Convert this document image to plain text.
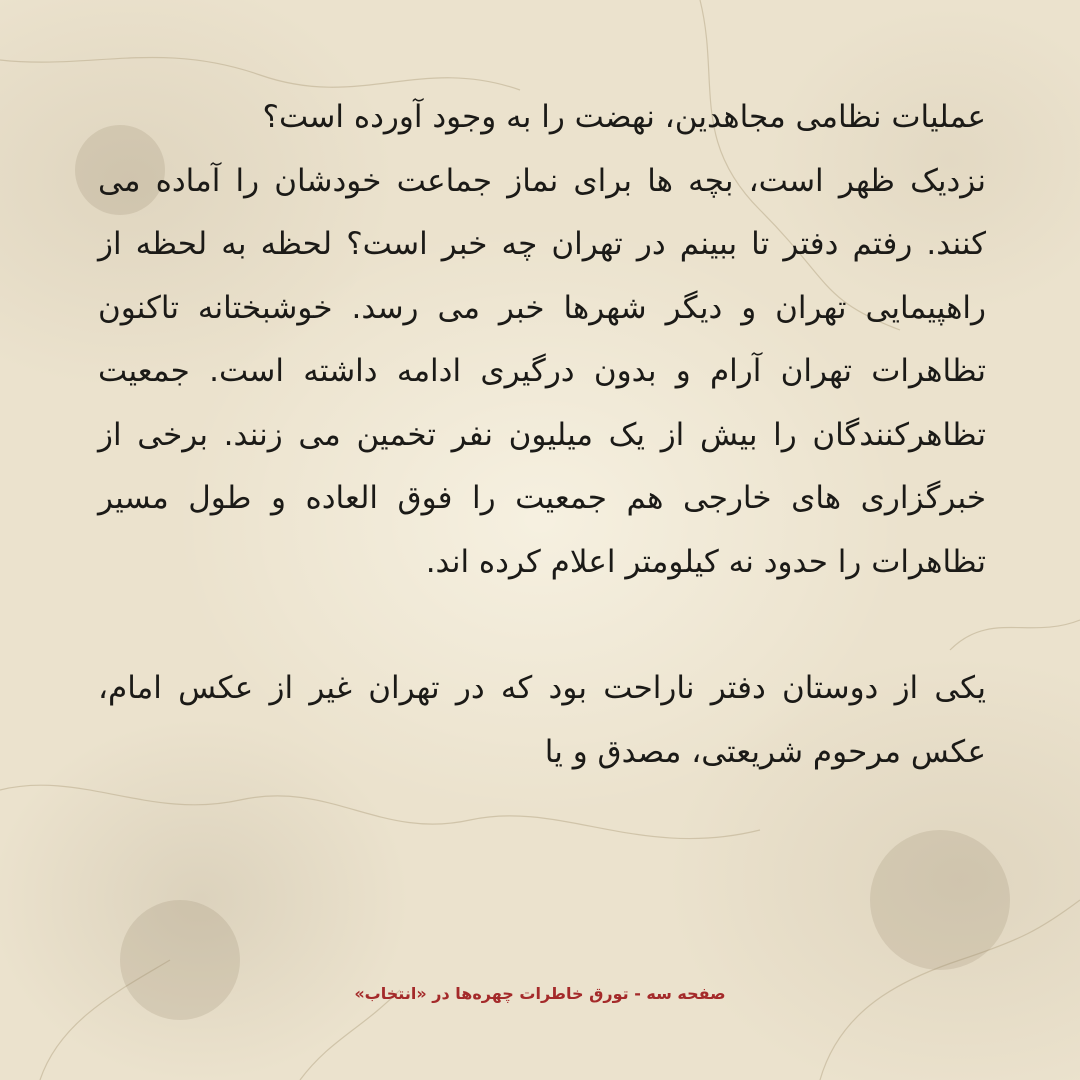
عملیات نظامی مجاهدین، نهضت را به وجود آورده است؟

نزدیک ظهر است، بچه ها برای نماز جماعت خودشان را آماده می کنند. رفتم دفتر تا ببینم در تهران چه خبر است؟ لحظه به لحظه از راهپیمایی تهران و دیگر شهرها خبر می رسد. خوشبختانه تاکنون تظاهرات تهران آرام و بدون درگیری ادامه داشته است. جمعیت تظاهرکنندگان را بیش از یک میلیون نفر تخمین می زنند. برخی از خبرگزاری های خارجی هم جمعیت را فوق العاده و طول مسیر تظاهرات را حدود نه کیلومتر اعلام کرده اند.

یکی از دوستان دفتر ناراحت بود که در تهران غیر از عکس امام، عکس مرحوم شریعتی، مصدق و یا

صفحه سه - تورق خاطرات چهره‌ها در «انتخاب»
